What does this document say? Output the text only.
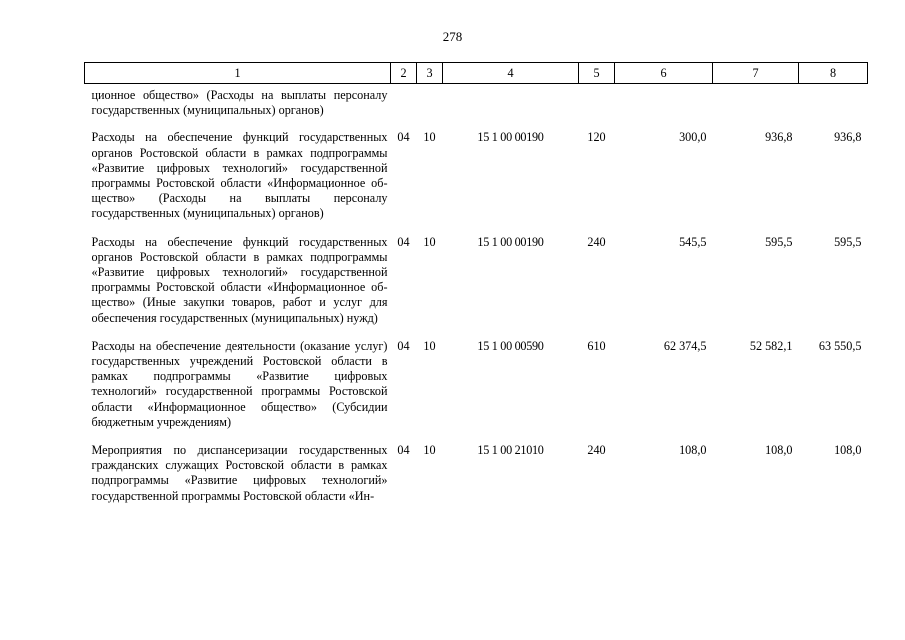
278
1	2	3	4	5	6	7	8
ционное общество» (Расходы на выплаты персоналу государственных (муниципальных) органов)							
Расходы на обеспечение функций государственных органов Ростовской области в рамках подпрограммы «Развитие цифровых технологий» государственной программы Ростовской области «Информационное общество» (Расходы на выплаты персоналу государственных (муниципальных) органов)	04	10	15 1 00 00190	120	300,0	936,8	936,8
Расходы на обеспечение функций государственных органов Ростовской области в рамках подпрограммы «Развитие цифровых технологий» государственной программы Ростовской области «Информационное общество» (Иные закупки товаров, работ и услуг для обеспечения государственных (муниципальных) нужд)	04	10	15 1 00 00190	240	545,5	595,5	595,5
Расходы на обеспечение деятельности (оказание услуг) государственных учреждений Ростовской области в рамках подпрограммы «Развитие цифровых технологий» государственной программы Ростовской области «Информационное общество» (Субсидии бюджетным учреждениям)	04	10	15 1 00 00590	610	62 374,5	52 582,1	63 550,5
Мероприятия по диспансеризации государственных гражданских служащих Ростовской области в рамках подпрограммы «Развитие цифровых технологий» государственной программы Ростовской области «Ин-	04	10	15 1 00 21010	240	108,0	108,0	108,0
